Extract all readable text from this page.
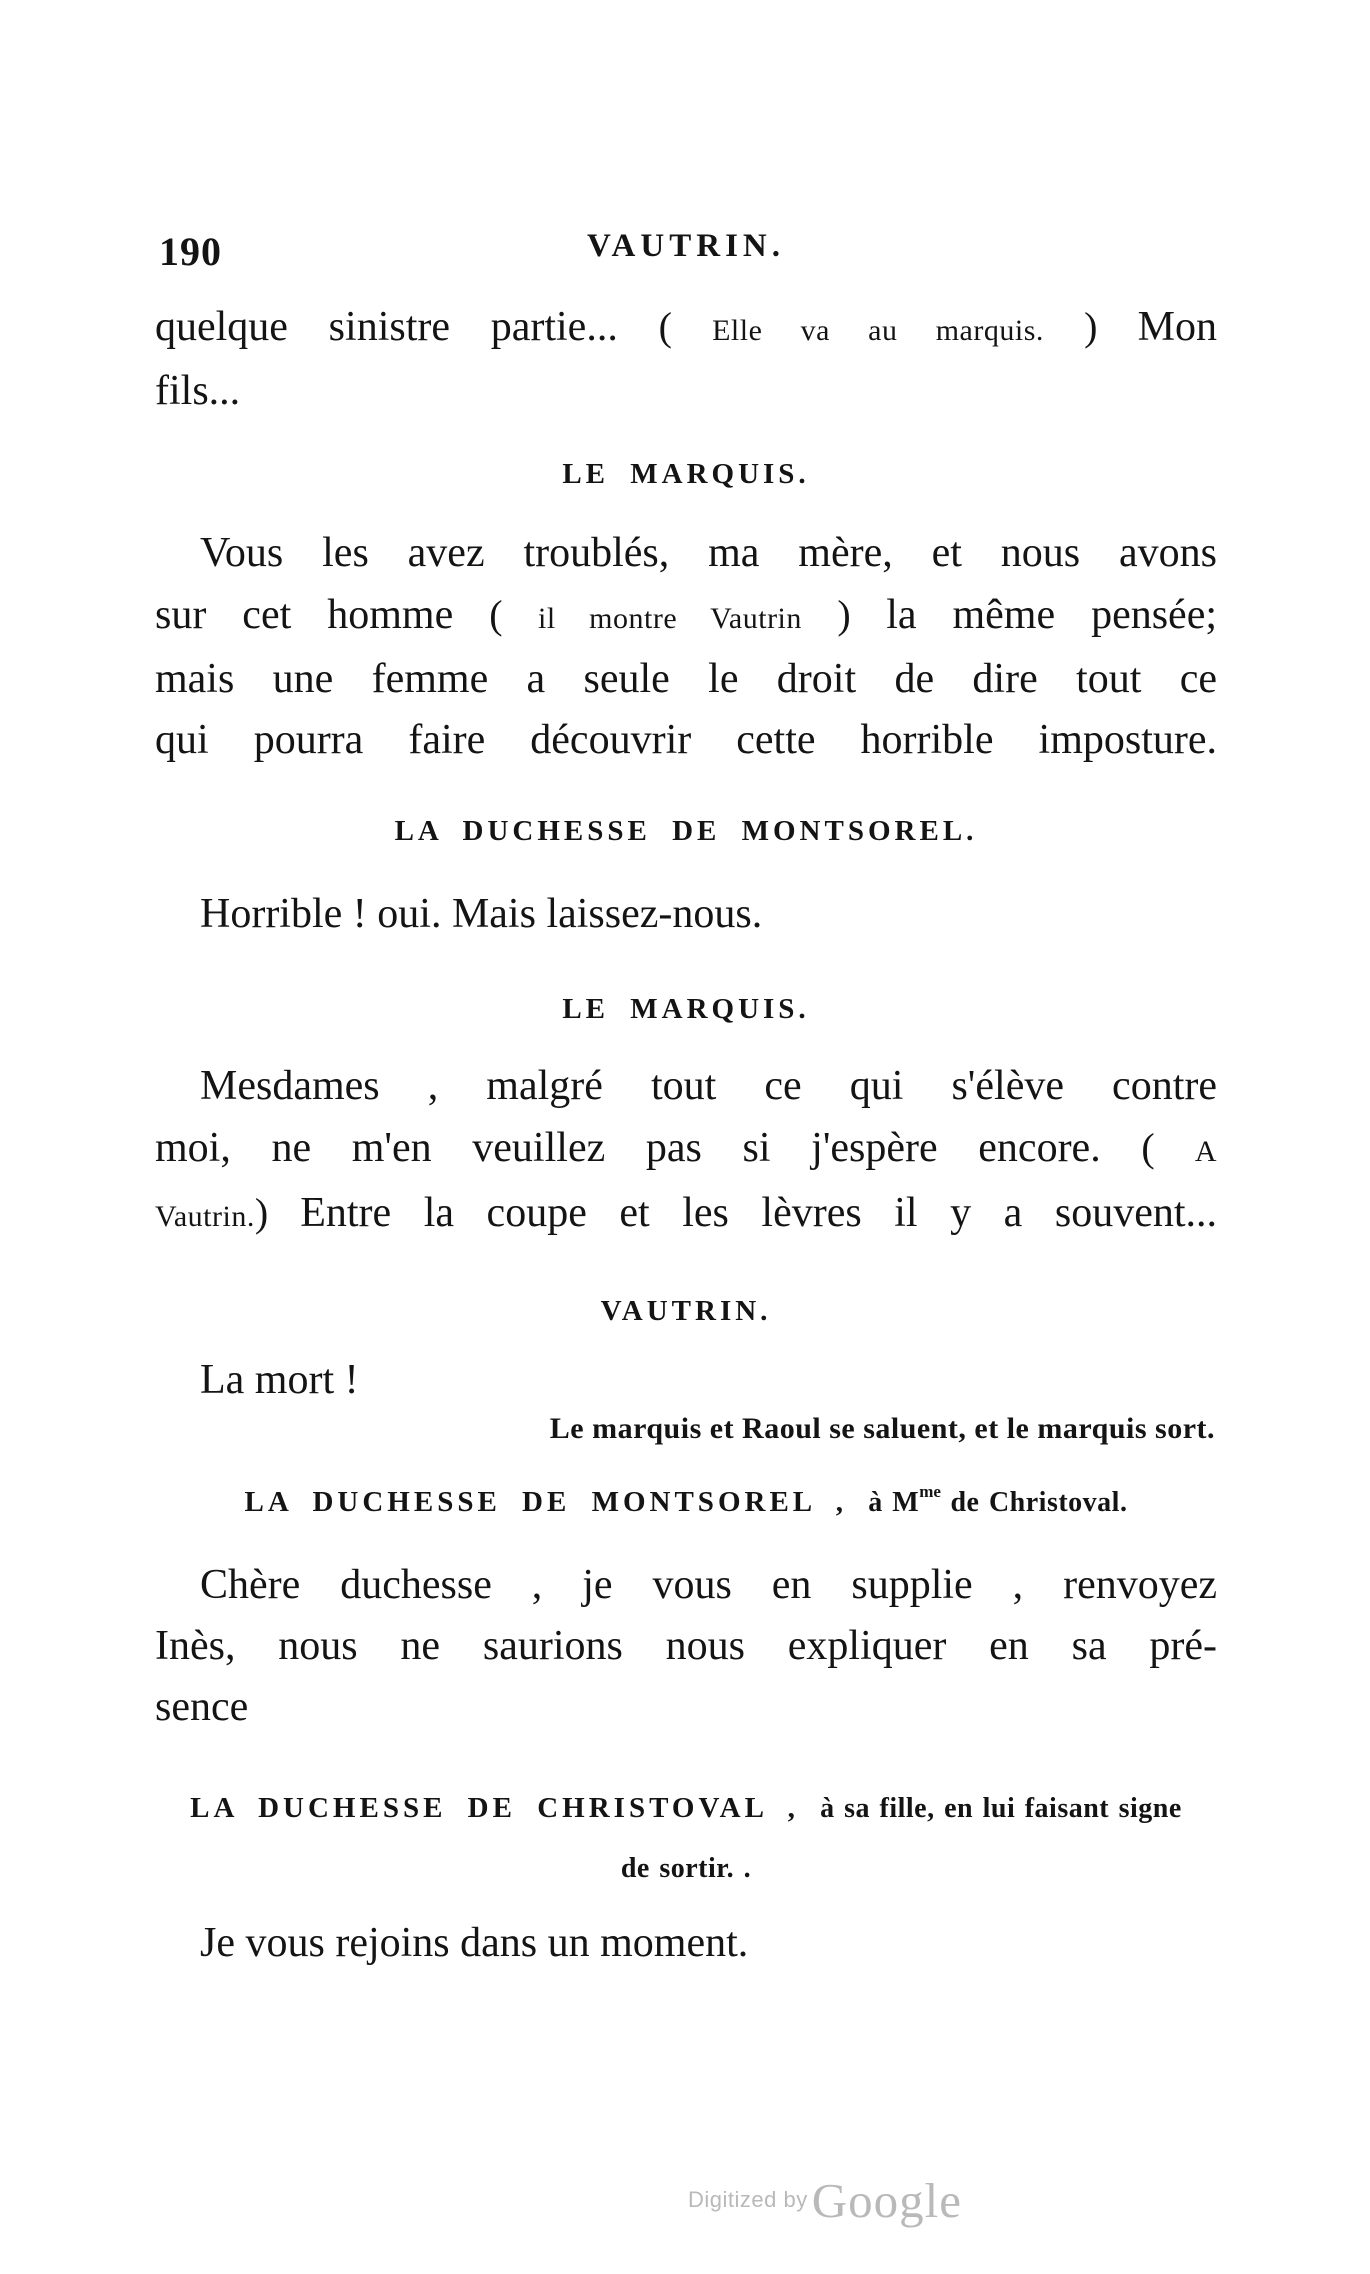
190	VAUTRIN.
quelque sinistre partie... ( Elle va au marquis. ) Mon
fils...
LE MARQUIS.
Vous les avez troublés, ma mère, et nous avons
sur cet homme ( il montre Vautrin ) la même pensée;
mais une femme a seule le droit de dire tout ce
qui pourra faire découvrir cette horrible imposture.
LA DUCHESSE DE MONTSOREL.
Horrible ! oui. Mais laissez-nous.
LE MARQUIS.
Mesdames , malgré tout ce qui s'élève contre
moi, ne m'en veuillez pas si j'espère encore. ( A
Vautrin.) Entre la coupe et les lèvres il y a souvent...
VAUTRIN.
La mort !
Le marquis et Raoul se saluent, et le marquis sort.
LA DUCHESSE DE MONTSOREL , à $M^{me}$ de Christoval.
Chère duchesse , je vous en supplie , renvoyez
Inès, nous ne saurions nous expliquer en sa pré-
sence
LA DUCHESSE DE CHRISTOVAL , à sa fille, en lui faisant signe
de sortir. .
Je vous rejoins dans un moment.
Digitized by Google
